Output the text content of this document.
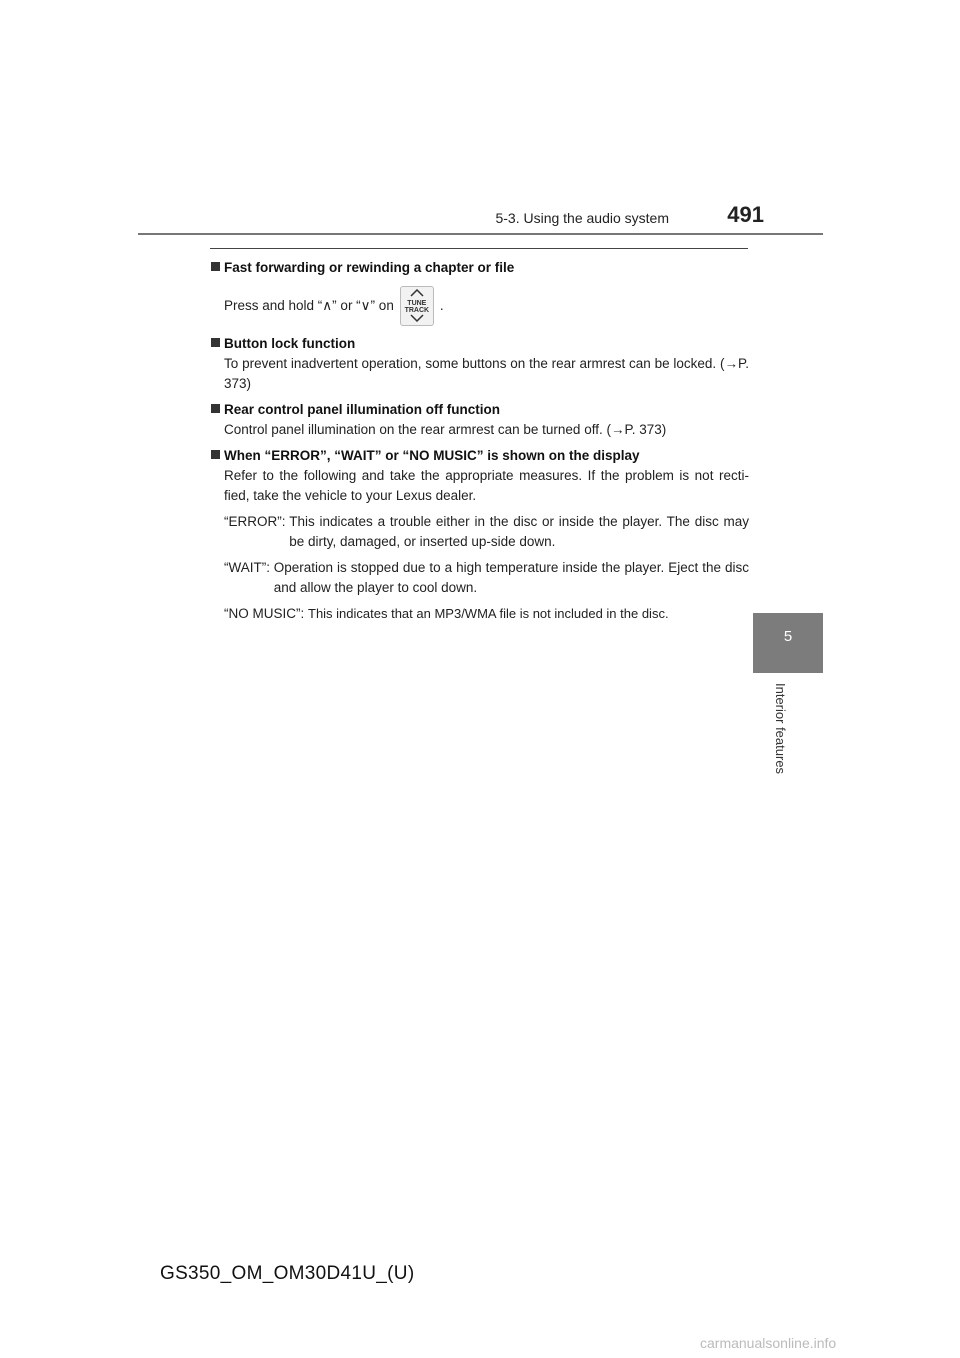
5-3. Using the audio system	491
5
Interior features
Fast forwarding or rewinding a chapter or file
Press and hold “∧” or “∨” on TUNE
TRACK .
Button lock function
To prevent inadvertent operation, some buttons on the rear armrest can be locked. (→P. 373)
Rear control panel illumination off function
Control panel illumination on the rear armrest can be turned off. (→P. 373)
When “ERROR”, “WAIT” or “NO MUSIC” is shown on the display
Refer to the following and take the appropriate measures. If the problem is not recti-fied, take the vehicle to your Lexus dealer.
“ERROR”: This indicates a trouble either in the disc or inside the player. The disc may be dirty, damaged, or inserted up-side down.
“WAIT”: Operation is stopped due to a high temperature inside the player. Eject the disc and allow the player to cool down.
“NO MUSIC”: This indicates that an MP3/WMA file is not included in the disc.
GS350_OM_OM30D41U_(U)
carmanualsonline.info
